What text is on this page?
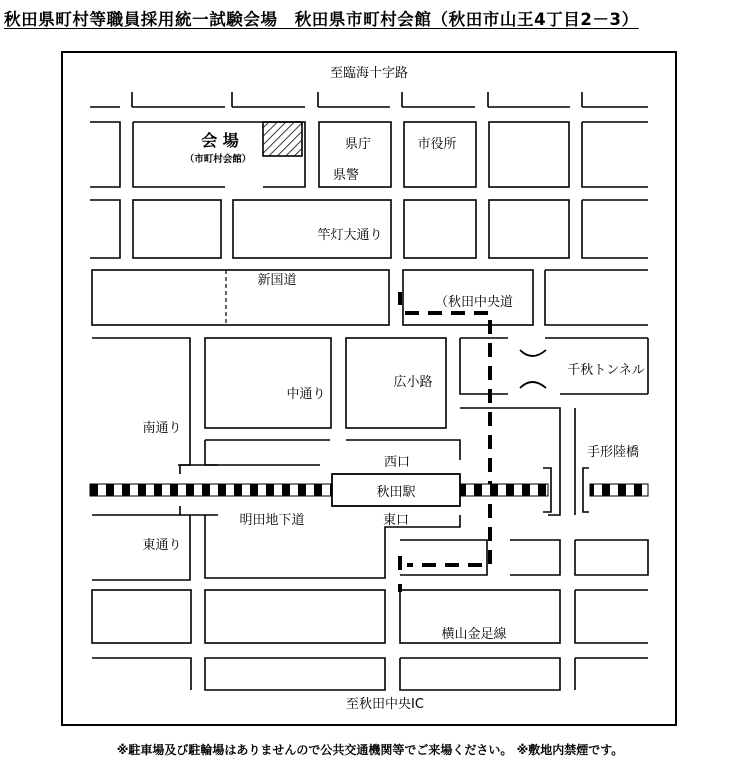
秋田県町村等職員採用統一試験会場　秋田県市町村会館（秋田市山王4丁目2－3）
至臨海十字路
会 場
（市町村会館）
県庁
県警
市役所
竿灯大通り
新国道
（秋田中央道
中通り
広小路
千秋トンネル
南通り
手形陸橋
西口
秋田駅
東口
明田地下道
東通り
横山金足線
至秋田中央IC
※駐車場及び駐輪場はありませんので公共交通機関等でご来場ください。 ※敷地内禁煙です。
